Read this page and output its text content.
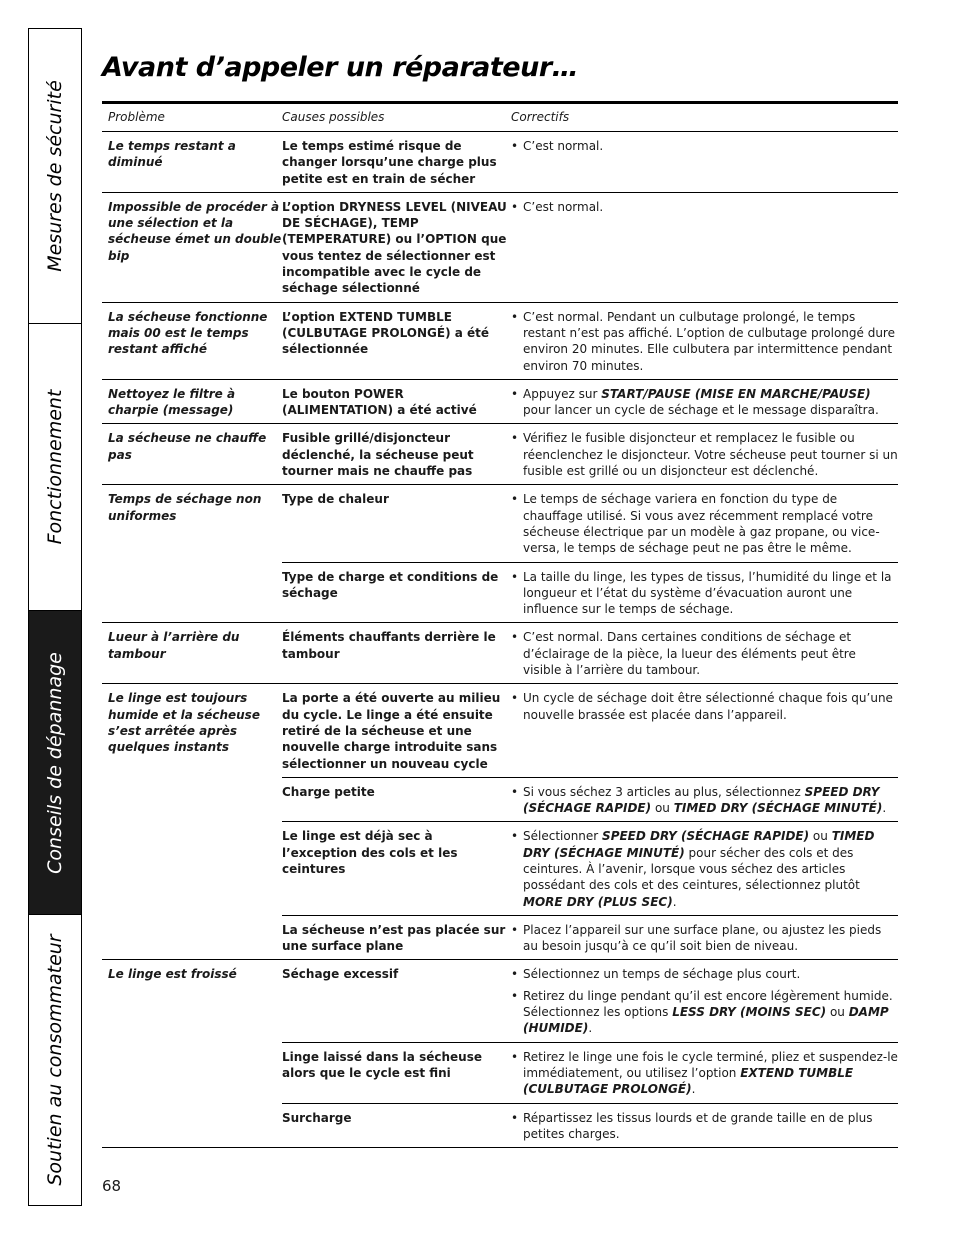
Mesures de sécurité
Fonctionnement
Conseils de dépannage
Soutien au consommateur
Avant d’appeler un réparateur…
Problème	Causes possibles	Correctifs

Le temps restant a diminué	Le temps estimé risque de changer lorsqu’une charge plus petite est en train de sécher	• C’est normal.

Impossible de procéder à une sélection et la sécheuse émet un double bip	L’option DRYNESS LEVEL (NIVEAU DE SÉCHAGE), TEMP (TEMPERATURE) ou l’OPTION que vous tentez de sélectionner est incompatible avec le cycle de séchage sélectionné	• C’est normal.

La sécheuse fonctionne mais 00 est le temps restant affiché	L’option EXTEND TUMBLE (CULBUTAGE PROLONGÉ) a été sélectionnée	• C’est normal. Pendant un culbutage prolongé, le temps restant n’est pas affiché. L’option de culbutage prolongé dure environ 20 minutes. Elle culbutera par intermittence pendant environ 70 minutes.

Nettoyez le filtre à charpie (message)	Le bouton POWER (ALIMENTATION) a été activé	• Appuyez sur START/PAUSE (MISE EN MARCHE/PAUSE) pour lancer un cycle de séchage et le message disparaîtra.

La sécheuse ne chauffe pas	Fusible grillé/disjoncteur déclenché, la sécheuse peut tourner mais ne chauffe pas	• Vérifiez le fusible disjoncteur et remplacez le fusible ou réenclenchez le disjoncteur. Votre sécheuse peut tourner si un fusible est grillé ou un disjoncteur est déclenché.

Temps de séchage non uniformes	Type de chaleur	• Le temps de séchage variera en fonction du type de chauffage utilisé. Si vous avez récemment remplacé votre sécheuse électrique par un modèle à gaz propane, ou vice-versa, le temps de séchage peut ne pas être le même.

	Type de charge et conditions de séchage	• La taille du linge, les types de tissus, l’humidité du linge et la longueur et l’état du système d’évacuation auront une influence sur le temps de séchage.

Lueur à l’arrière du tambour	Éléments chauffants derrière le tambour	• C’est normal. Dans certaines conditions de séchage et d’éclairage de la pièce, la lueur des éléments peut être visible à l’arrière du tambour.

Le linge est toujours humide et la sécheuse s’est arrêtée après quelques instants	La porte a été ouverte au milieu du cycle. Le linge a été ensuite retiré de la sécheuse et une nouvelle charge introduite sans sélectionner un nouveau cycle	• Un cycle de séchage doit être sélectionné chaque fois qu’une nouvelle brassée est placée dans l’appareil.

	Charge petite	• Si vous séchez 3 articles au plus, sélectionnez SPEED DRY (SÉCHAGE RAPIDE) ou TIMED DRY (SÉCHAGE MINUTÉ).

	Le linge est déjà sec à l’exception des cols et les ceintures	• Sélectionner SPEED DRY (SÉCHAGE RAPIDE) ou TIMED DRY (SÉCHAGE MINUTÉ) pour sécher des cols et des ceintures. À l’avenir, lorsque vous séchez des articles possédant des cols et des ceintures, sélectionnez plutôt MORE DRY (PLUS SEC).

	La sécheuse n’est pas placée sur une surface plane	• Placez l’appareil sur une surface plane, ou ajustez les pieds au besoin jusqu’à ce qu’il soit bien de niveau.

Le linge est froissé	Séchage excessif	• Sélectionnez un temps de séchage plus court.
• Retirez du linge pendant qu’il est encore légèrement humide. Sélectionnez les options LESS DRY (MOINS SEC) ou DAMP (HUMIDE).

	Linge laissé dans la sécheuse alors que le cycle est fini	• Retirez le linge une fois le cycle terminé, pliez et suspendez-le immédiatement, ou utilisez l’option EXTEND TUMBLE (CULBUTAGE PROLONGÉ).

	Surcharge	• Répartissez les tissus lourds et de grande taille en de plus petites charges.
68
